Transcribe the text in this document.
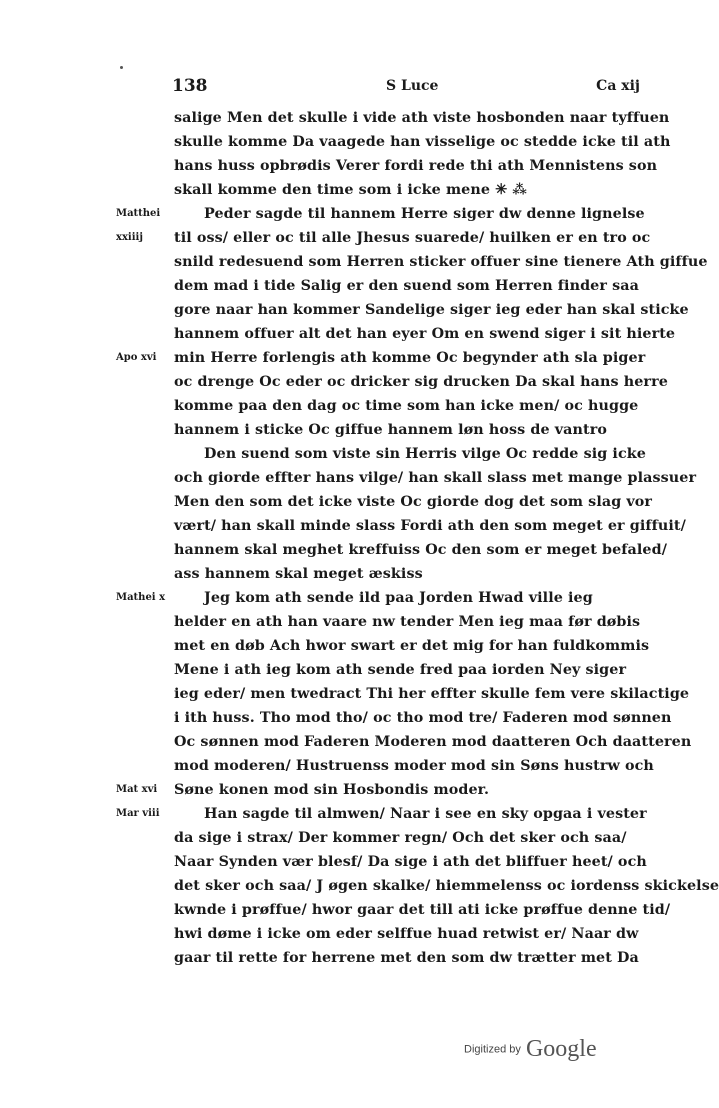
138	S Luce	Ca xij
salige Men det skulle i vide ath viste hosbonden naar tyffuen
skulle komme Da vaagede han visselige oc stedde icke til ath
hans huss opbrødis Verer fordi rede thi ath Mennistens son
skall komme den time som i icke mene ✳ ⁂
Peder sagde til hannem Herre siger dw denne lignelse
til oss/ eller oc til alle Jhesus suarede/ huilken er en tro oc
snild redesuend som Herren sticker offuer sine tienere Ath giffue
dem mad i tide Salig er den suend som Herren finder saa
gore naar han kommer Sandelige siger ieg eder han skal sticke
hannem offuer alt det han eyer Om en swend siger i sit hierte
min Herre forlengis ath komme Oc begynder ath sla piger
oc drenge Oc eder oc dricker sig drucken Da skal hans herre
komme paa den dag oc time som han icke men/ oc hugge
hannem i sticke Oc giffue hannem løn hoss de vantro
Den suend som viste sin Herris vilge Oc redde sig icke
och giorde effter hans vilge/ han skall slass met mange plassuer
Men den som det icke viste Oc giorde dog det som slag vor
vært/ han skall minde slass Fordi ath den som meget er giffuit/
hannem skal meghet kreffuiss Oc den som er meget befaled/
ass hannem skal meget æskiss
Jeg kom ath sende ild paa Jorden Hwad ville ieg
helder en ath han vaare nw tender Men ieg maa før døbis
met en døb Ach hwor swart er det mig for han fuldkommis
Mene i ath ieg kom ath sende fred paa iorden Ney siger
ieg eder/ men twedract Thi her effter skulle fem vere skilactige
i ith huss. Tho mod tho/ oc tho mod tre/ Faderen mod sønnen
Oc sønnen mod Faderen Moderen mod daatteren Och daatteren
mod moderen/ Hustruenss moder mod sin Søns hustrw och
Søne konen mod sin Hosbondis moder.
Han sagde til almwen/ Naar i see en sky opgaa i vester
da sige i strax/ Der kommer regn/ Och det sker och saa/
Naar Synden vær blesf/ Da sige i ath det bliffuer heet/ och
det sker och saa/ J øgen skalke/ hiemmelenss oc iordenss skickelse
kwnde i prøffue/ hwor gaar det till ati icke prøffue denne tid/
hwi døme i icke om eder selffue huad retwist er/ Naar dw
gaar til rette for herrene met den som dw trætter met Da
Matthei
xxiiij
Apo xvi
Mathei x
Mat xvi
Mar viii
Digitized by Google
